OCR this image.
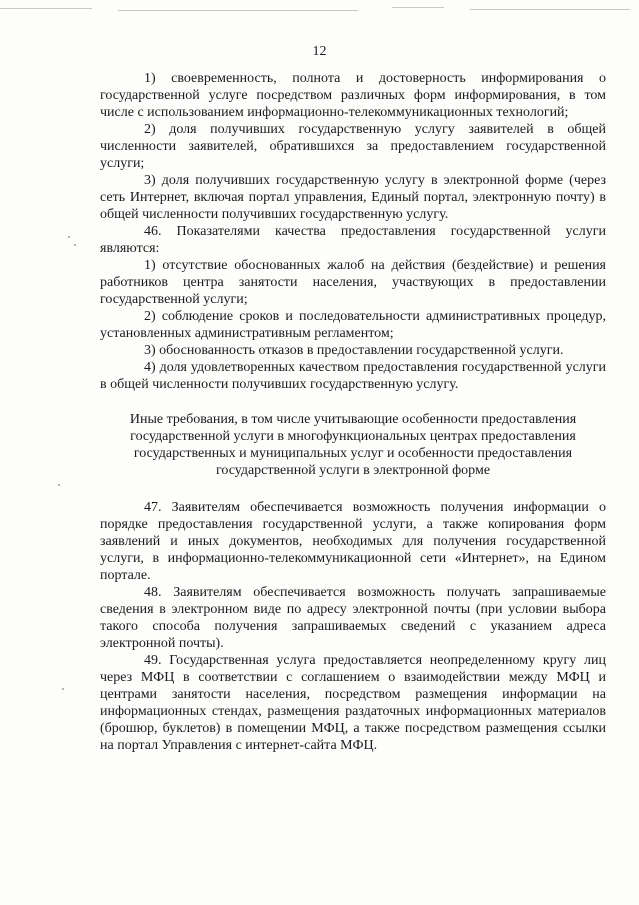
12

1) своевременность, полнота и достоверность информирования о государственной услуге посредством различных форм информирования, в том числе с использованием информационно-телекоммуникационных технологий;

2) доля получивших государственную услугу заявителей в общей численности заявителей, обратившихся за предоставлением государственной услуги;

3) доля получивших государственную услугу в электронной форме (через сеть Интернет, включая портал управления, Единый портал, электронную почту) в общей численности получивших государственную услугу.

46. Показателями качества предоставления государственной услуги являются:

1) отсутствие обоснованных жалоб на действия (бездействие) и решения работников центра занятости населения, участвующих в предоставлении государственной услуги;

2) соблюдение сроков и последовательности административных процедур, установленных административным регламентом;

3) обоснованность отказов в предоставлении государственной услуги.

4) доля удовлетворенных качеством предоставления государственной услуги в общей численности получивших государственную услугу.

Иные требования, в том числе учитывающие особенности предоставления государственной услуги в многофункциональных центрах предоставления государственных и муниципальных услуг и особенности предоставления государственной услуги в электронной форме

47. Заявителям обеспечивается возможность получения информации о порядке предоставления государственной услуги, а также копирования форм заявлений и иных документов, необходимых для получения государственной услуги, в информационно-телекоммуникационной сети «Интернет», на Едином портале.

48. Заявителям обеспечивается возможность получать запрашиваемые сведения в электронном виде по адресу электронной почты (при условии выбора такого способа получения запрашиваемых сведений с указанием адреса электронной почты).

49. Государственная услуга предоставляется неопределенному кругу лиц через МФЦ в соответствии с соглашением о взаимодействии между МФЦ и центрами занятости населения, посредством размещения информации на информационных стендах, размещения раздаточных информационных материалов (брошюр, буклетов) в помещении МФЦ, а также посредством размещения ссылки на портал Управления с интернет-сайта МФЦ.
